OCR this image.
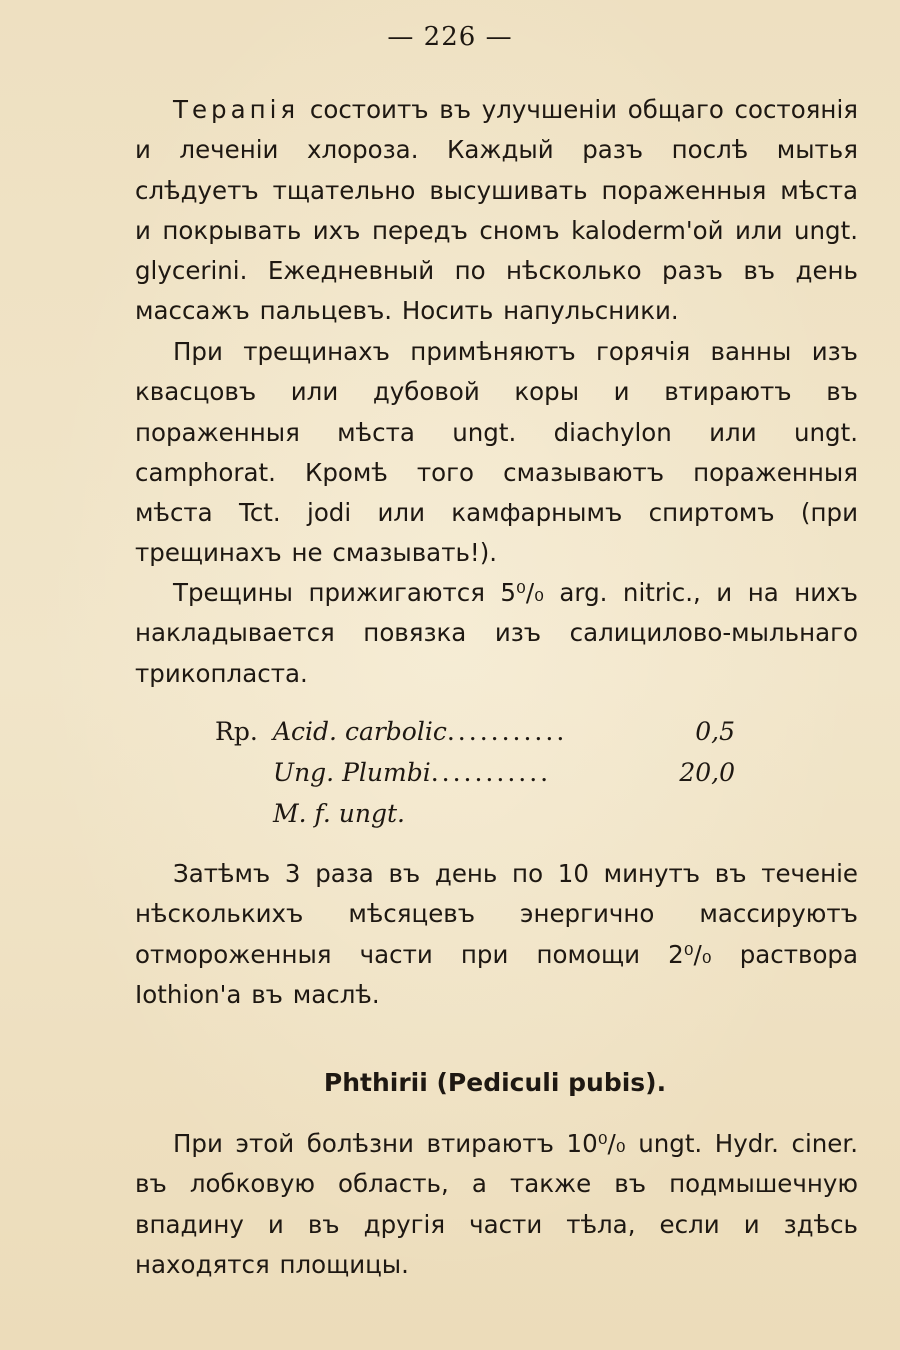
— 226 —

Терапія состоитъ въ улучшеніи общаго состоянія и леченіи хлороза. Каждый разъ послѣ мытья слѣдуетъ тщательно высушивать пораженныя мѣста и покрывать ихъ передъ сномъ kalоderm'ой или ungt. glycerini. Ежедневный по нѣсколько разъ въ день массажъ пальцевъ. Носить напульсники.

При трещинахъ примѣняютъ горячія ванны изъ квасцовъ или дубовой коры и втираютъ въ пораженныя мѣста ungt. diachylon или ungt. camphorat. Кромѣ того смазываютъ пораженныя мѣста Tct. jodi или камфарнымъ спиртомъ (при трещинахъ не смазывать!).

Трещины прижигаются 5⁰/₀ arg. nitric., и на нихъ накладывается повязка изъ салицилово-мыльнаго трикопласта.

Rp. Acid. carbolic ...........	0,5
Ung. Plumbi ...........	20,0
M. f. ungt.

Затѣмъ 3 раза въ день по 10 минутъ въ теченіе нѣсколькихъ мѣсяцевъ энергично массируютъ отмороженныя части при помощи 2⁰/₀ раствора Iothion'а въ маслѣ.

Phthirii (Pediculi pubis).

При этой болѣзни втираютъ 10⁰/₀ ungt. Hydr. ciner. въ лобковую область, а также въ подмышечную впадину и въ другія части тѣла, если и здѣсь находятся площицы.
